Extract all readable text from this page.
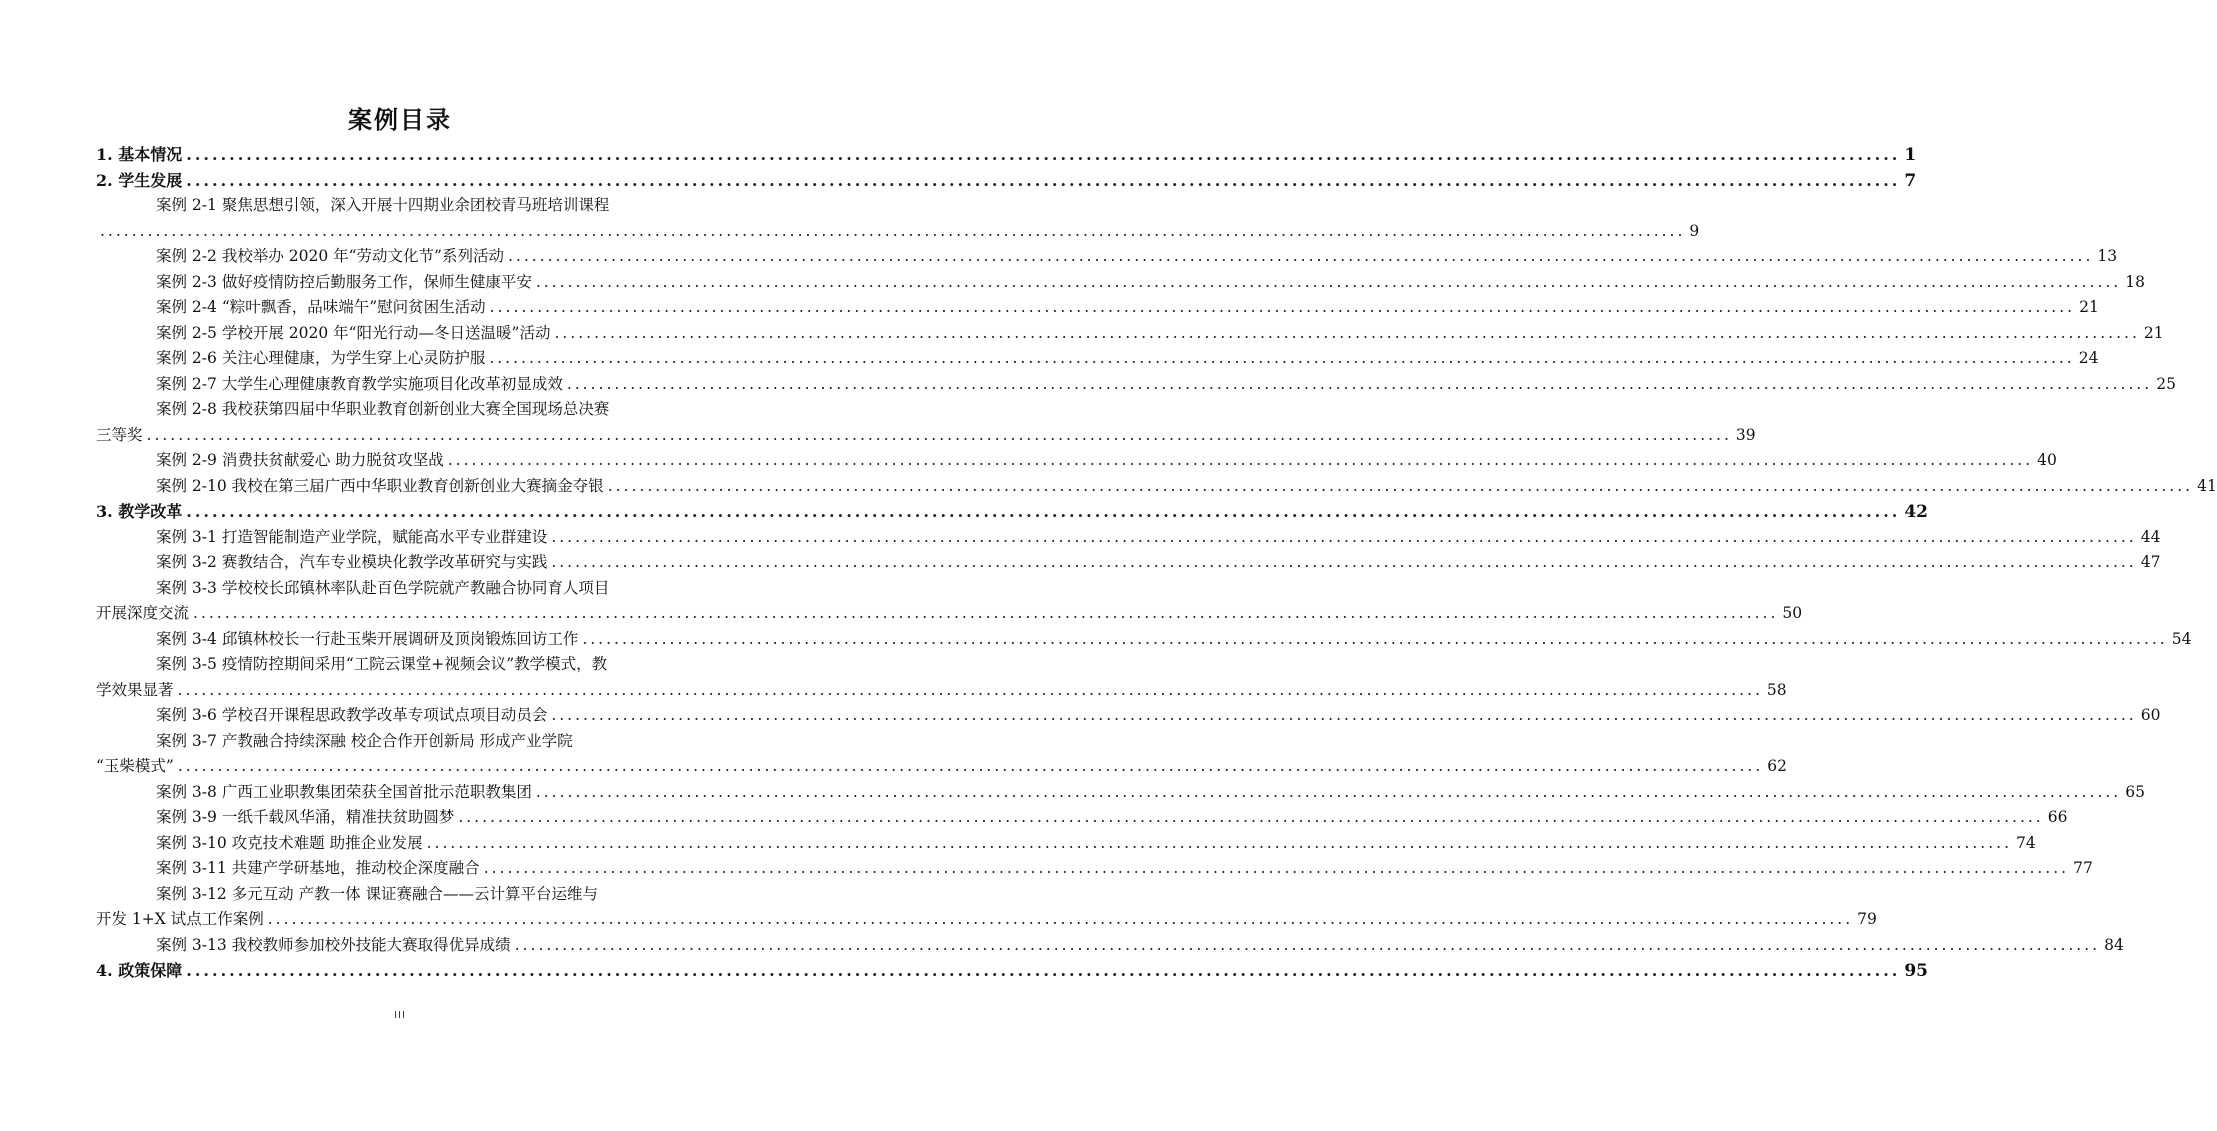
案例目录
1. 基本情况 ........................................................................................................................................................................................................ 1
2. 学生发展 ........................................................................................................................................................................................................ 7
案例 2-1 聚焦思想引领，深入开展十四期业余团校青马班培训课程
........................................................................................................................................................................................................ 9
案例 2-2 我校举办 2020 年“劳动文化节”系列活动 ........................................................................................................................................................................................................ 13
案例 2-3 做好疫情防控后勤服务工作，保师生健康平安 ........................................................................................................................................................................................................ 18
案例 2-4 “粽叶飘香，品味端午”慰问贫困生活动 ........................................................................................................................................................................................................ 21
案例 2-5 学校开展 2020 年“阳光行动—冬日送温暖”活动 ........................................................................................................................................................................................................ 21
案例 2-6 关注心理健康，为学生穿上心灵防护服 ........................................................................................................................................................................................................ 24
案例 2-7 大学生心理健康教育教学实施项目化改革初显成效 ........................................................................................................................................................................................................ 25
案例 2-8 我校获第四届中华职业教育创新创业大赛全国现场总决赛
三等奖 ........................................................................................................................................................................................................ 39
案例 2-9 消费扶贫献爱心 助力脱贫攻坚战 ........................................................................................................................................................................................................ 40
案例 2-10 我校在第三届广西中华职业教育创新创业大赛摘金夺银 ........................................................................................................................................................................................................ 41
3. 教学改革 ........................................................................................................................................................................................................ 42
案例 3-1 打造智能制造产业学院，赋能高水平专业群建设 ........................................................................................................................................................................................................ 44
案例 3-2 赛教结合，汽车专业模块化教学改革研究与实践 ........................................................................................................................................................................................................ 47
案例 3-3 学校校长邱镇林率队赴百色学院就产教融合协同育人项目
开展深度交流 ........................................................................................................................................................................................................ 50
案例 3-4 邱镇林校长一行赴玉柴开展调研及顶岗锻炼回访工作 ........................................................................................................................................................................................................ 54
案例 3-5 疫情防控期间采用“工院云课堂+视频会议”教学模式，教
学效果显著 ........................................................................................................................................................................................................ 58
案例 3-6 学校召开课程思政教学改革专项试点项目动员会 ........................................................................................................................................................................................................ 60
案例 3-7 产教融合持续深融 校企合作开创新局 形成产业学院
“玉柴模式” ........................................................................................................................................................................................................ 62
案例 3-8 广西工业职教集团荣获全国首批示范职教集团 ........................................................................................................................................................................................................ 65
案例 3-9 一纸千载风华涌，精准扶贫助圆梦 ........................................................................................................................................................................................................ 66
案例 3-10 攻克技术难题 助推企业发展 ........................................................................................................................................................................................................ 74
案例 3-11 共建产学研基地，推动校企深度融合 ........................................................................................................................................................................................................ 77
案例 3-12 多元互动 产教一体 课证赛融合——云计算平台运维与
开发 1+X 试点工作案例 ........................................................................................................................................................................................................ 79
案例 3-13 我校教师参加校外技能大赛取得优异成绩 ........................................................................................................................................................................................................ 84
4. 政策保障 ........................................................................................................................................................................................................ 95
III
